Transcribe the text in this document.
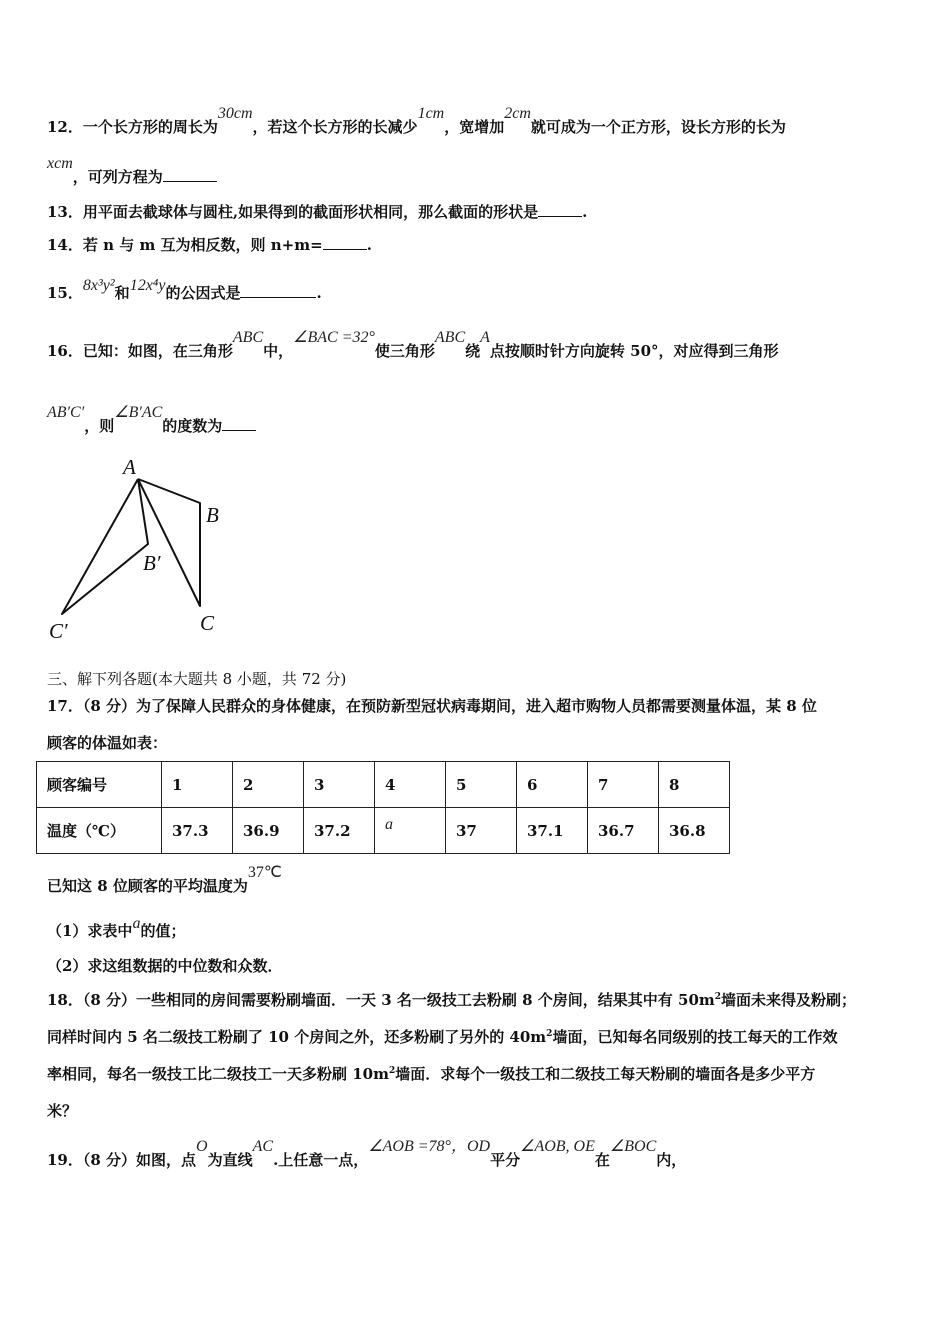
12．一个长方形的周长为30cm，若这个长方形的长减少1cm，宽增加2cm就可成为一个正方形，设长方形的长为
xcm，可列方程为
13．用平面去截球体与圆柱,如果得到的截面形状相同，那么截面的形状是	.
14．若 n 与 m 互为相反数，则 n+m=	.
15．8x³y²和12x⁴y的公因式是	.
16．已知：如图，在三角形ABC中，∠BAC =32°使三角形ABC绕A点按顺时针方向旋转 50°，对应得到三角形
AB′C′，则∠B′AC的度数为
A
B
B′
C
C′
三、解下列各题(本大题共 8 小题，共 72 分)
17．（8 分）为了保障人民群众的身体健康，在预防新型冠状病毒期间，进入超市购物人员都需要测量体温，某 8 位
顾客的体温如表：
顾客编号	1	2	3	4	5	6	7	8
温度（℃）	37.3	36.9	37.2	a	37	37.1	36.7	36.8
已知这 8 位顾客的平均温度为37℃
（1）求表中a的值；
（2）求这组数据的中位数和众数．
18．（8 分）一些相同的房间需要粉刷墙面．一天 3 名一级技工去粉刷 8 个房间，结果其中有 $50m^2$墙面未来得及粉刷；
同样时间内 5 名二级技工粉刷了 10 个房间之外，还多粉刷了另外的 $40m^2$墙面，已知每名同级别的技工每天的工作效
率相同，每名一级技工比二级技工一天多粉刷 $10m^2$墙面．求每个一级技工和二级技工每天粉刷的墙面各是多少平方
米？
19．（8 分）如图，点O为直线AC.上任意一点，∠AOB =78°，OD平分∠AOB, OE在∠BOC内，
